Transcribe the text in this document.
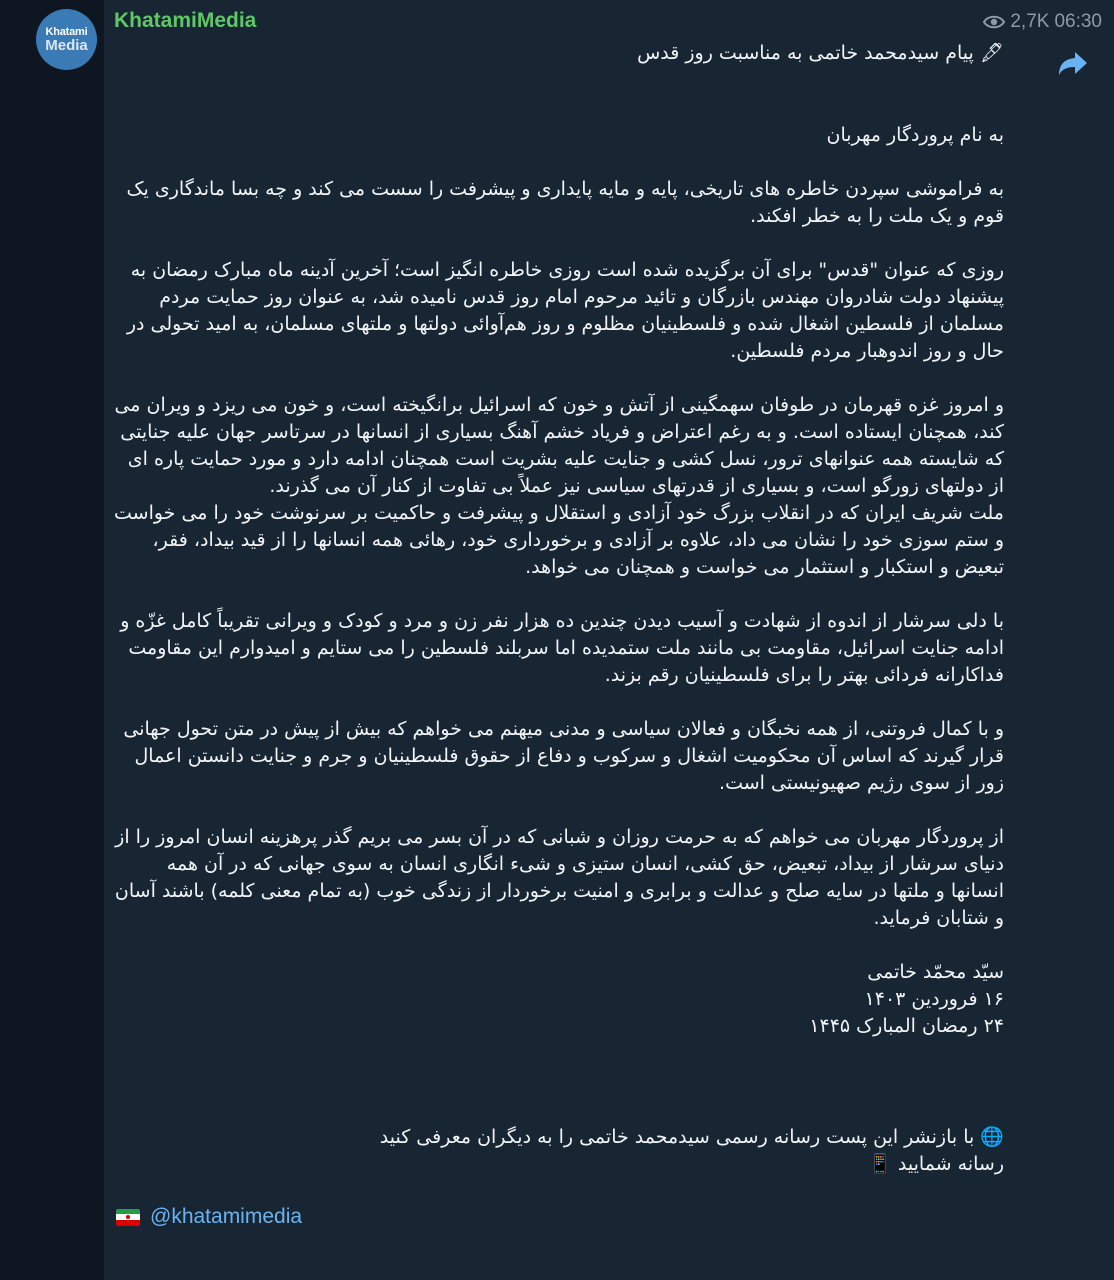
Khatami
Media
KhatamiMedia	2,7K 06:30
🖋 پیام سیدمحمد خاتمی به مناسبت روز قدس

به نام پروردگار مهربان

به فراموشی سپردن خاطره های تاریخی، پایه و مایه پایداری و پیشرفت را سست می کند و چه بسا ماندگاری یک قوم و یک ملت را به خطر افکند.

روزی که عنوان "قدس" برای آن برگزیده شده است روزی خاطره انگیز است؛ آخرین آدینه ماه مبارک رمضان به پیشنهاد دولت شادروان مهندس بازرگان و تائید مرحوم امام روز قدس نامیده شد، به عنوان روز حمایت مردم مسلمان از فلسطین اشغال شده و فلسطینیان مظلوم و روز هم‌آوائی دولتها و ملتهای مسلمان، به امید تحولی در حال و روز اندوهبار مردم فلسطین.

و امروز غزه قهرمان در طوفان سهمگینی از آتش و خون که اسرائیل برانگیخته است، و خون می ریزد و ویران می کند، همچنان ایستاده است. و به رغم اعتراض و فریاد خشم آهنگ بسیاری از انسانها در سرتاسر جهان علیه جنایتی که شایسته همه عنوانهای ترور، نسل کشی و جنایت علیه بشریت است همچنان ادامه دارد و مورد حمایت پاره ای از دولتهای زورگو است، و بسیاری از قدرتهای سیاسی نیز عملاً بی تفاوت از کنار آن می گذرند.

ملت شریف ایران که در انقلاب بزرگ خود آزادی و استقلال و پیشرفت و حاکمیت بر سرنوشت خود را می خواست و ستم سوزی خود را نشان می داد، علاوه بر آزادی و برخورداری خود، رهائی همه انسانها را از قید بیداد، فقر، تبعیض و استکبار و استثمار می خواست و همچنان می خواهد.

با دلی سرشار از اندوه از شهادت و آسیب دیدن چندین ده هزار نفر زن و مرد و کودک و ویرانی تقریباً کامل غزّه و ادامه جنایت اسرائیل، مقاومت بی مانند ملت ستمدیده اما سربلند فلسطین را می ستایم و امیدوارم این مقاومت فداکارانه فردائی بهتر را برای فلسطینیان رقم بزند.

و با کمال فروتنی، از همه نخبگان و فعالان سیاسی و مدنی میهنم می خواهم که بیش از پیش در متن تحول جهانی قرار گیرند که اساس آن محکومیت اشغال و سرکوب و دفاع از حقوق فلسطینیان و جرم و جنایت دانستن اعمال زور از سوی رژیم صهیونیستی است.

از پروردگار مهربان می خواهم که به حرمت روزان و شبانی که در آن بسر می بریم گذر پرهزینه انسان امروز را از دنیای سرشار از بیداد، تبعیض، حق کشی، انسان ستیزی و شیء انگاری انسان به سوی جهانی که در آن همه انسانها و ملتها در سایه صلح و عدالت و برابری و امنیت برخوردار از زندگی خوب (به تمام معنی کلمه) باشند آسان و شتابان فرماید.

سیّد محمّد خاتمی

۱۶ فروردین ۱۴۰۳

۲۴ رمضان المبارک ۱۴۴۵

🌐 با بازنشر این پست رسانه رسمی سیدمحمد خاتمی را به دیگران معرفی کنید

رسانه شمایید 📱

@khatamimedia
